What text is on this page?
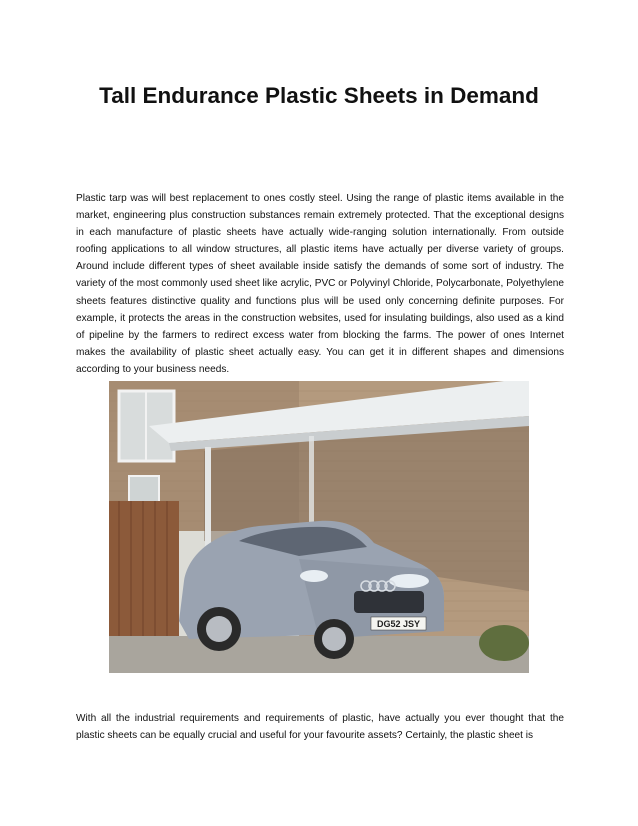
Tall Endurance Plastic Sheets in Demand

Plastic tarp was will best replacement to ones costly steel. Using the range of plastic items available in the market, engineering plus construction substances remain extremely protected. That the exceptional designs in each manufacture of plastic sheets have actually wide-ranging solution internationally. From outside roofing applications to all window structures, all plastic items have actually per diverse variety of groups. Around include different types of sheet available inside satisfy the demands of some sort of industry. The variety of the most commonly used sheet like acrylic, PVC or Polyvinyl Chloride, Polycarbonate, Polyethylene sheets features distinctive quality and functions plus will be used only concerning definite purposes. For example, it protects the areas in the construction websites, used for insulating buildings, also used as a kind of pipeline by the farmers to redirect excess water from blocking the farms. The power of ones Internet makes the availability of plastic sheet actually easy. You can get it in different shapes and dimensions according to your business needs.

DG52 JSY

With all the industrial requirements and requirements of plastic, have actually you ever thought that the plastic sheets can be equally crucial and useful for your favourite assets? Certainly, the plastic sheet is
